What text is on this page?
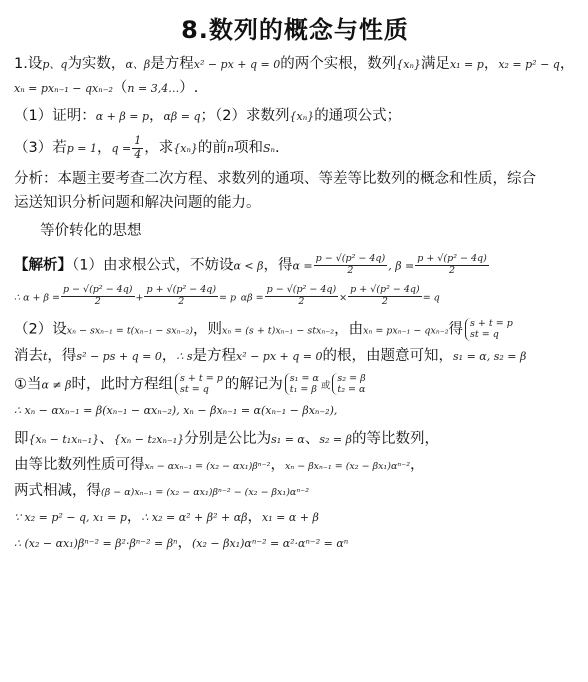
8.数列的概念与性质
1.设p、q为实数，α、β是方程x² − px + q = 0的两个实根，数列{xₙ}满足x₁ = p，x₂ = p² − q，
xₙ = pxₙ₋₁ − qxₙ₋₂（n = 3,4…）.
（1）证明：α + β = p，αβ = q；（2）求数列{xₙ}的通项公式；
（3）若p = 1，$q = \frac{1}{4}$ ，求{xₙ}的前n项和Sₙ.
分析：本题主要考查二次方程、求数列的通项、等差等比数列的概念和性质，综合
运送知识分析问题和解决问题的能力。
等价转化的思想
【解析】（1）由求根公式，不妨设α < β，得$\alpha = \frac{\text{p − √(p² − 4q)}}{2}$ , $\beta = \frac{\text{p + √(p² − 4q)}}{2}$
∴ $\alpha + \beta = \frac{\text{p − √(p² − 4q)}}{2} + \frac{\text{p + √(p² − 4q)}}{2} = p$ $\alpha\beta = \frac{\text{p − √(p² − 4q)}}{2} \times \frac{\text{p + √(p² − 4q)}}{2} = q$
（2）设xₙ − sxₙ₋₁ = t(xₙ₋₁ − sxₙ₋₂)，则xₙ = (s + t)xₙ₋₁ − stxₙ₋₂，由xₙ = pxₙ₋₁ − qxₙ₋₂得 s + t = p
st = q
消去t，得s² − ps + q = 0，∴ s是方程x² − px + q = 0的根，由题意可知，s₁ = α, s₂ = β
①当α ≠ β时，此时方程组 s + t = p
st = q	的解记为 s₁ = α
t₁ = β 或
s₂ = β
t₂ = α
∴ xₙ − αxₙ₋₁ = β(xₙ₋₁ − αxₙ₋₂), xₙ − βxₙ₋₁ = α(xₙ₋₁ − βxₙ₋₂),
即{xₙ − t₁xₙ₋₁}、{xₙ − t₂xₙ₋₁}分别是公比为s₁ = α、s₂ = β的等比数列，
由等比数列性质可得xₙ − αxₙ₋₁ = (x₂ − αx₁)βⁿ⁻²，xₙ − βxₙ₋₁ = (x₂ − βx₁)αⁿ⁻²，
两式相减，得(β − α)xₙ₋₁ = (x₂ − αx₁)βⁿ⁻² − (x₂ − βx₁)αⁿ⁻²
∵ x₂ = p² − q, x₁ = p，∴ x₂ = α² + β² + αβ，x₁ = α + β
∴ (x₂ − αx₁)βⁿ⁻² = β²·βⁿ⁻² = βⁿ，(x₂ − βx₁)αⁿ⁻² = α²·αⁿ⁻² = αⁿ
